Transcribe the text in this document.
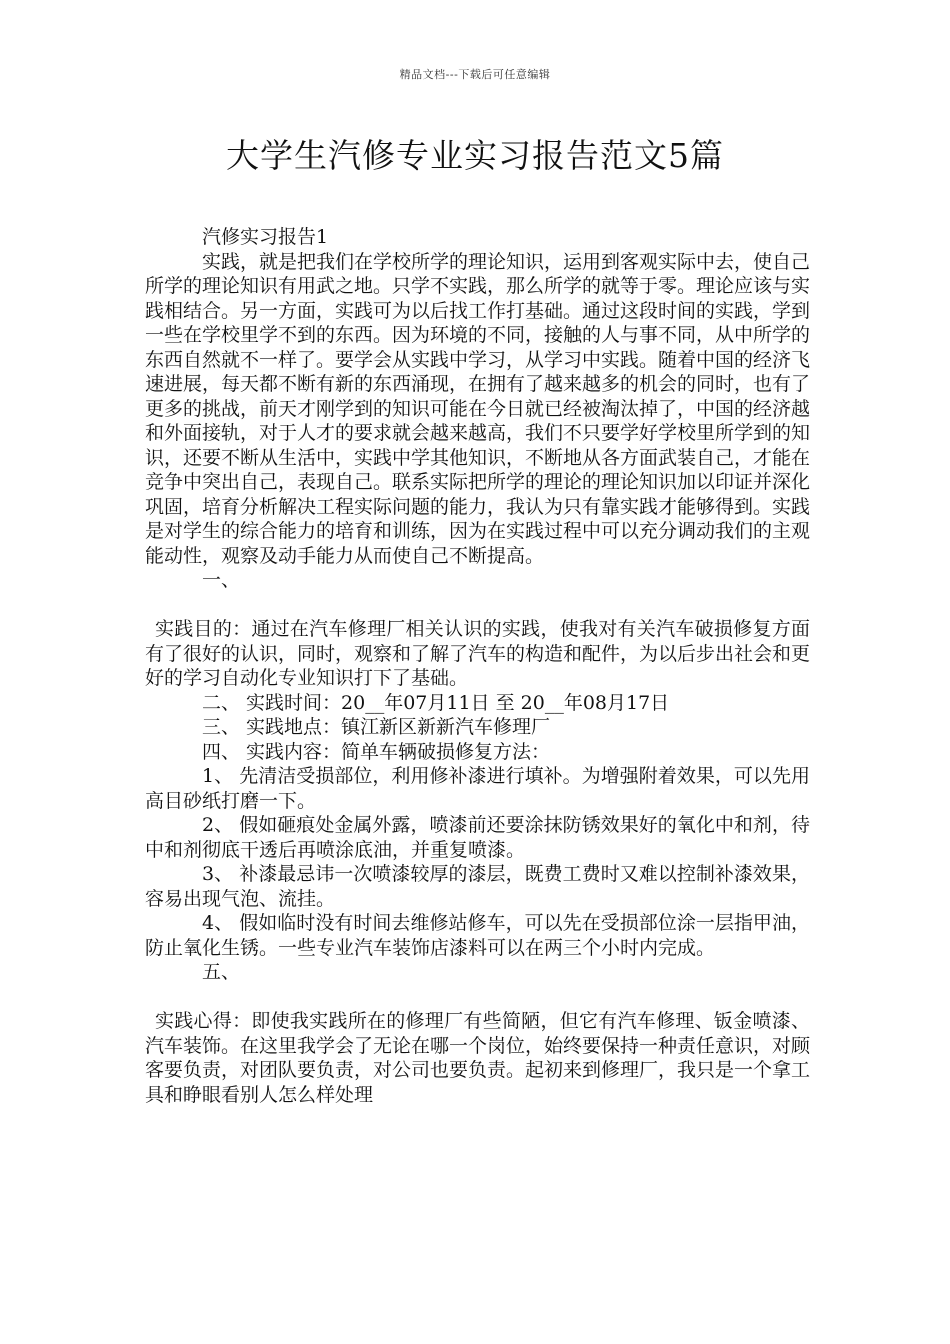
精品文档---下载后可任意编辑
大学生汽修专业实习报告范文5篇

汽修实习报告1

实践，就是把我们在学校所学的理论知识，运用到客观实际中去，使自己所学的理论知识有用武之地。只学不实践，那么所学的就等于零。理论应该与实践相结合。另一方面，实践可为以后找工作打基础。通过这段时间的实践，学到一些在学校里学不到的东西。因为环境的不同，接触的人与事不同，从中所学的东西自然就不一样了。要学会从实践中学习，从学习中实践。随着中国的经济飞速进展，每天都不断有新的东西涌现，在拥有了越来越多的机会的同时，也有了更多的挑战，前天才刚学到的知识可能在今日就已经被淘汰掉了，中国的经济越和外面接轨，对于人才的要求就会越来越高，我们不只要学好学校里所学到的知识，还要不断从生活中，实践中学其他知识，不断地从各方面武装自己，才能在竞争中突出自己，表现自己。联系实际把所学的理论的理论知识加以印证并深化巩固，培育分析解决工程实际问题的能力，我认为只有靠实践才能够得到。实践是对学生的综合能力的培育和训练，因为在实践过程中可以充分调动我们的主观能动性，观察及动手能力从而使自己不断提高。

一、

实践目的：通过在汽车修理厂相关认识的实践，使我对有关汽车破损修复方面有了很好的认识，同时，观察和了解了汽车的构造和配件，为以后步出社会和更好的学习自动化专业知识打下了基础。

二、 实践时间：20__年07月11日 至 20__年08月17日

三、 实践地点：镇江新区新新汽车修理厂

四、 实践内容：简单车辆破损修复方法：

1、 先清洁受损部位，利用修补漆进行填补。为增强附着效果，可以先用高目砂纸打磨一下。

2、 假如砸痕处金属外露，喷漆前还要涂抹防锈效果好的氧化中和剂，待中和剂彻底干透后再喷涂底油，并重复喷漆。

3、 补漆最忌讳一次喷漆较厚的漆层，既费工费时又难以控制补漆效果，容易出现气泡、流挂。

4、 假如临时没有时间去维修站修车，可以先在受损部位涂一层指甲油，防止氧化生锈。一些专业汽车装饰店漆料可以在两三个小时内完成。

五、

实践心得：即使我实践所在的修理厂有些简陋，但它有汽车修理、钣金喷漆、汽车装饰。在这里我学会了无论在哪一个岗位，始终要保持一种责任意识，对顾客要负责，对团队要负责，对公司也要负责。起初来到修理厂，我只是一个拿工具和睁眼看别人怎么样处理
